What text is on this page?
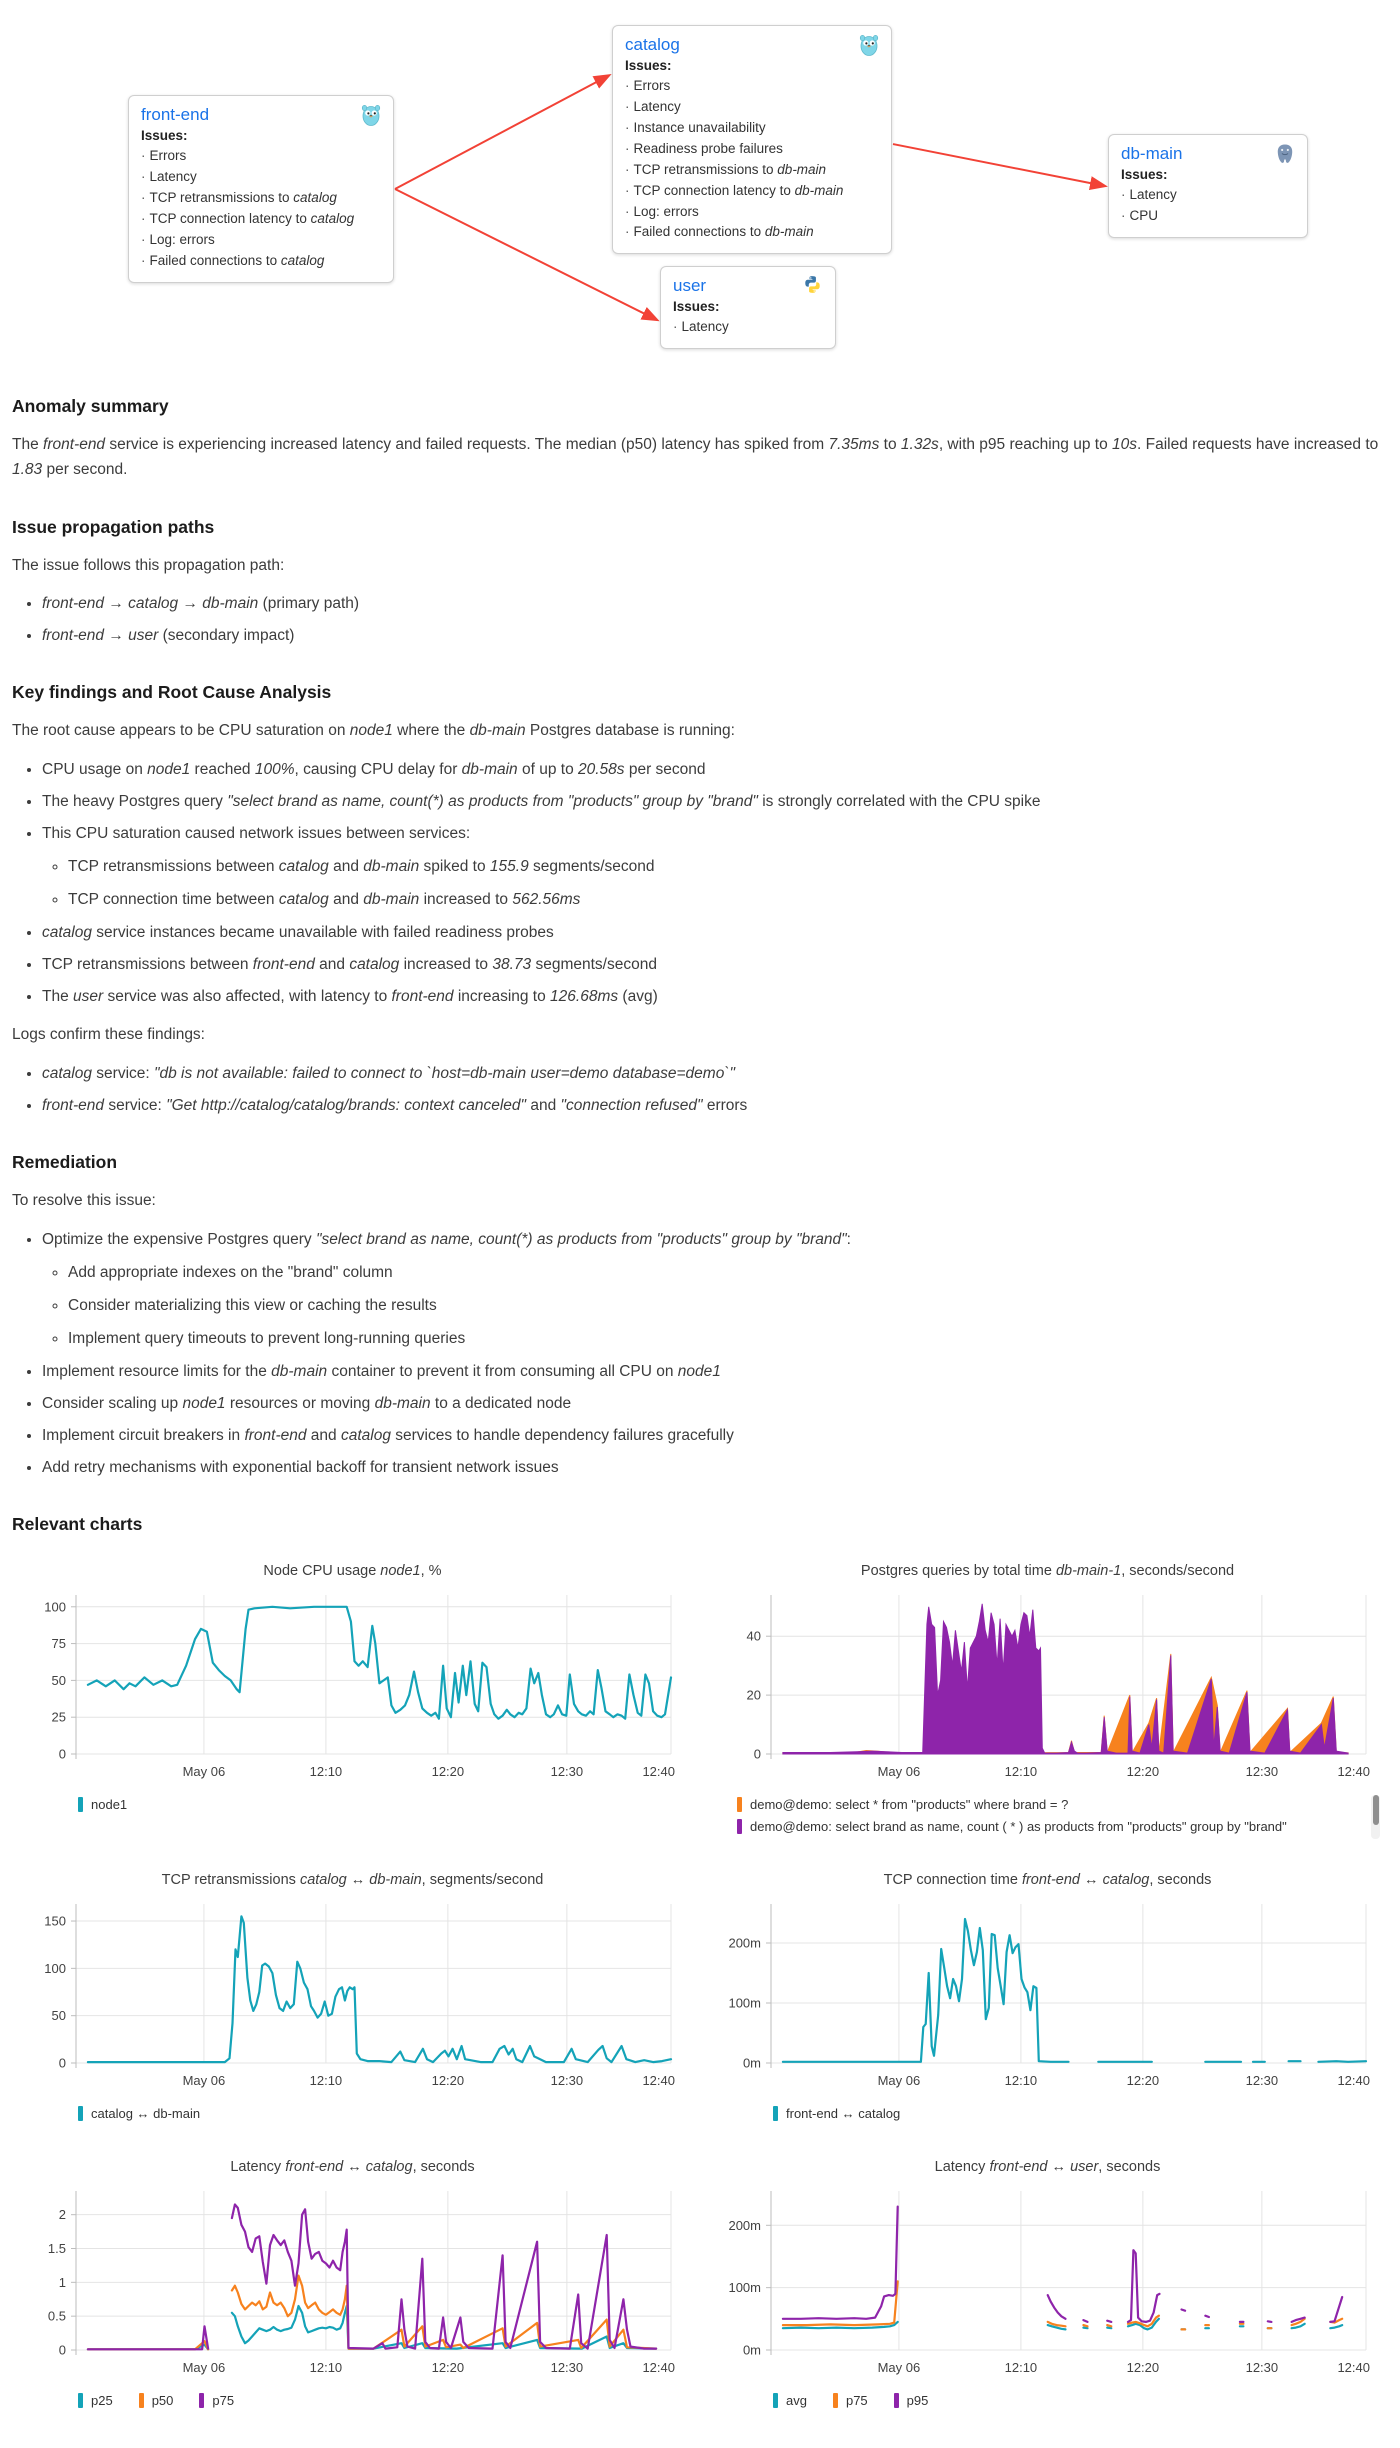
front-end
Issues:
· Errors
· Latency
· TCP retransmissions to catalog
· TCP connection latency to catalog
· Log: errors
· Failed connections to catalog
catalog
Issues:
· Errors
· Latency
· Instance unavailability
· Readiness probe failures
· TCP retransmissions to db-main
· TCP connection latency to db-main
· Log: errors
· Failed connections to db-main
db-main
Issues:
· Latency
· CPU
user
Issues:
· Latency
Anomaly summary

The front-end service is experiencing increased latency and failed requests. The median (p50) latency has spiked from 7.35ms to 1.32s, with p95 reaching up to 10s. Failed requests have increased to 1.83 per second.

Issue propagation paths

The issue follows this propagation path:

• front-end → catalog → db-main (primary path)
• front-end → user (secondary impact)
Key findings and Root Cause Analysis

The root cause appears to be CPU saturation on node1 where the db-main Postgres database is running:

• CPU usage on node1 reached 100%, causing CPU delay for db-main of up to 20.58s per second
• The heavy Postgres query "select brand as name, count(*) as products from "products" group by "brand" is strongly correlated with the CPU spike
• This CPU saturation caused network issues between services:
◦ TCP retransmissions between catalog and db-main spiked to 155.9 segments/second
◦ TCP connection time between catalog and db-main increased to 562.56ms
• catalog service instances became unavailable with failed readiness probes
• TCP retransmissions between front-end and catalog increased to 38.73 segments/second
• The user service was also affected, with latency to front-end increasing to 126.68ms (avg)

Logs confirm these findings:

• catalog service: "db is not available: failed to connect to `host=db-main user=demo database=demo`"
• front-end service: "Get http://catalog/catalog/brands: context canceled" and "connection refused" errors
Remediation

To resolve this issue:

• Optimize the expensive Postgres query "select brand as name, count(*) as products from "products" group by "brand":
◦ Add appropriate indexes on the "brand" column
◦ Consider materializing this view or caching the results
◦ Implement query timeouts to prevent long-running queries
• Implement resource limits for the db-main container to prevent it from consuming all CPU on node1
• Consider scaling up node1 resources or moving db-main to a dedicated node
• Implement circuit breakers in front-end and catalog services to handle dependency failures gracefully
• Add retry mechanisms with exponential backoff for transient network issues
Relevant charts
Node CPU usage node1, %
0
25
50
75
100
May 06	12:10	12:20	12:30	12:40
node1
Postgres queries by total time db-main-1, seconds/second
0
20
40
May 06	12:10	12:20	12:30	12:40
demo@demo: select * from "products" where brand = ?
demo@demo: select brand as name, count ( * ) as products from "products" group by "brand"
TCP retransmissions catalog ↔ db-main, segments/second
0
50
100
150
May 06	12:10	12:20	12:30	12:40
catalog ↔ db-main
TCP connection time front-end ↔ catalog, seconds
0m
100m
200m
May 06	12:10	12:20	12:30	12:40
front-end ↔ catalog
Latency front-end ↔ catalog, seconds
0
0.5
1
1.5
2
May 06	12:10	12:20	12:30	12:40
p25	p50	p75
Latency front-end ↔ user, seconds
0m
100m
200m
May 06	12:10	12:20	12:30	12:40
avg	p75	p95
